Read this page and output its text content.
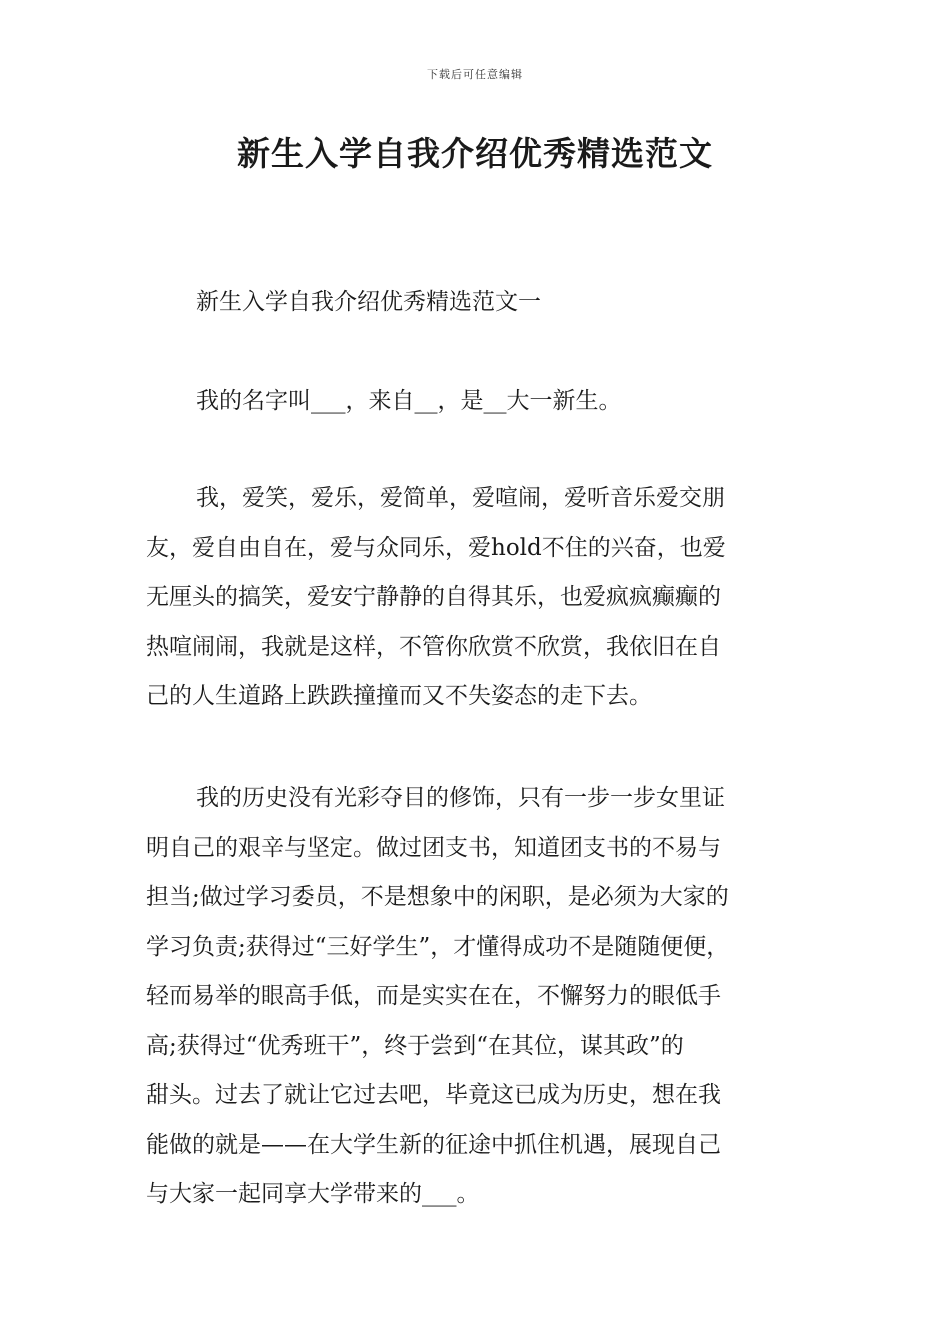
下载后可任意编辑
新生入学自我介绍优秀精选范文
新生入学自我介绍优秀精选范文一

我的名字叫___，来自__，是__大一新生。

我，爱笑，爱乐，爱简单，爱喧闹，爱听音乐爱交朋
友，爱自由自在，爱与众同乐，爱hold不住的兴奋，也爱
无厘头的搞笑，爱安宁静静的自得其乐，也爱疯疯癫癫的
热喧闹闹，我就是这样，不管你欣赏不欣赏，我依旧在自
己的人生道路上跌跌撞撞而又不失姿态的走下去。

我的历史没有光彩夺目的修饰，只有一步一步女里证
明自己的艰辛与坚定。做过团支书，知道团支书的不易与
担当;做过学习委员，不是想象中的闲职，是必须为大家的
学习负责;获得过“三好学生”，才懂得成功不是随随便便，
轻而易举的眼高手低，而是实实在在，不懈努力的眼低手
高;获得过“优秀班干”，终于尝到“在其位，谋其政”的
甜头。过去了就让它过去吧，毕竟这已成为历史，想在我
能做的就是——在大学生新的征途中抓住机遇，展现自己
与大家一起同享大学带来的___。
